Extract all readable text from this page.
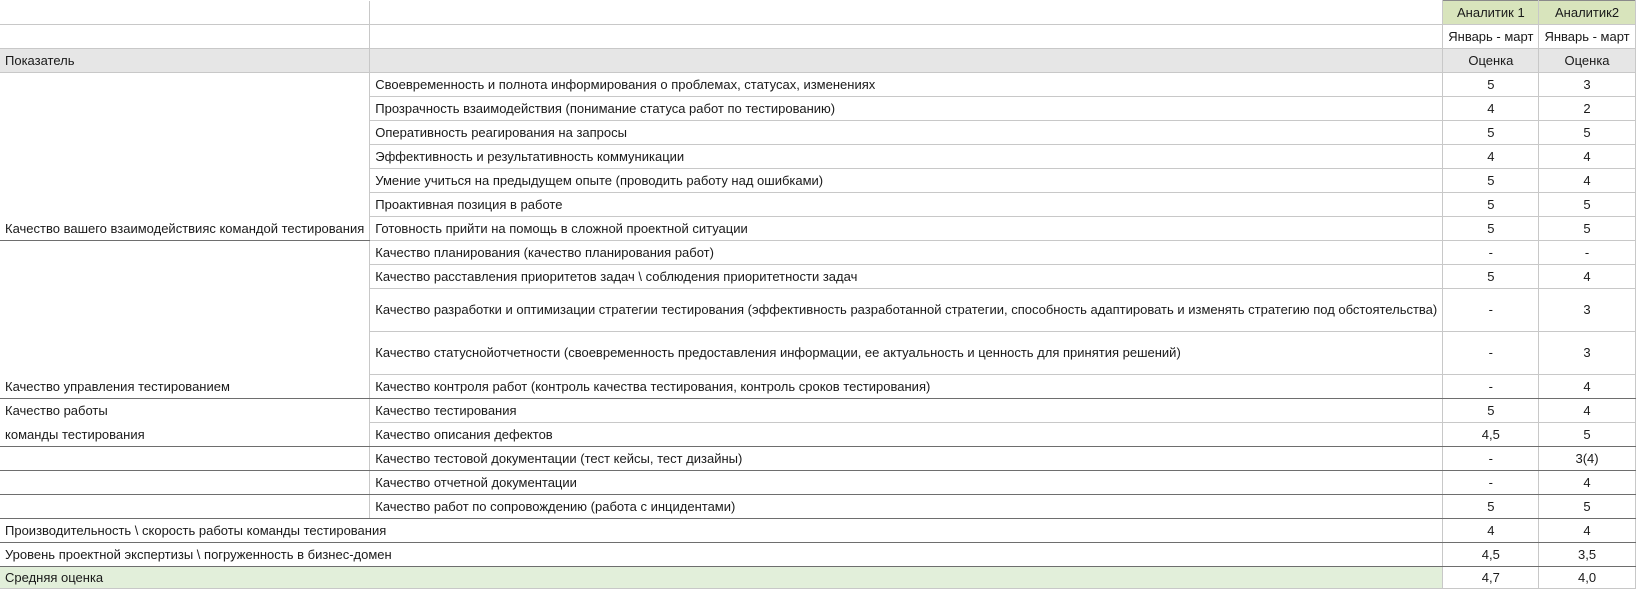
		Аналитик 1	Аналитик2
		Январь - март	Январь - март
Показатель		Оценка	Оценка
	Своевременность и полнота информирования о проблемах, статусах, изменениях	5	3
	Прозрачность взаимодействия (понимание статуса работ по тестированию)	4	2
	Оперативность реагирования на запросы	5	5
	Эффективность и результативность коммуникации	4	4
	Умение учиться на предыдущем опыте (проводить работу над ошибками)	5	4
	Проактивная позиция в работе	5	5
Качество вашего взаимодействияс командой тестирования	Готовность прийти на помощь в сложной проектной ситуации	5	5
	Качество планирования (качество планирования работ)	-	-
	Качество расставления приоритетов задач \ соблюдения приоритетности задач	5	4
	Качество разработки и оптимизации стратегии тестирования (эффективность разработанной стратегии, способность адаптировать и изменять стратегию под обстоятельства)	-	3
	Качество статуснойотчетности (своевременность предоставления информации, ее актуальность и ценность для принятия решений)	-	3
Качество управления тестированием	Качество контроля работ (контроль качества тестирования, контроль сроков тестирования)	-	4
Качество работы	Качество тестирования	5	4
команды тестирования	Качество описания дефектов	4,5	5
	Качество тестовой документации (тест кейсы, тест дизайны)	-	3(4)
	Качество отчетной документации	-	4
	Качество работ по сопровождению (работа с инцидентами)	5	5
Производительность \ скорость работы команды тестирования		4	4
Уровень проектной экспертизы \ погруженность в бизнес-домен		4,5	3,5
Средняя оценка		4,7	4,0
